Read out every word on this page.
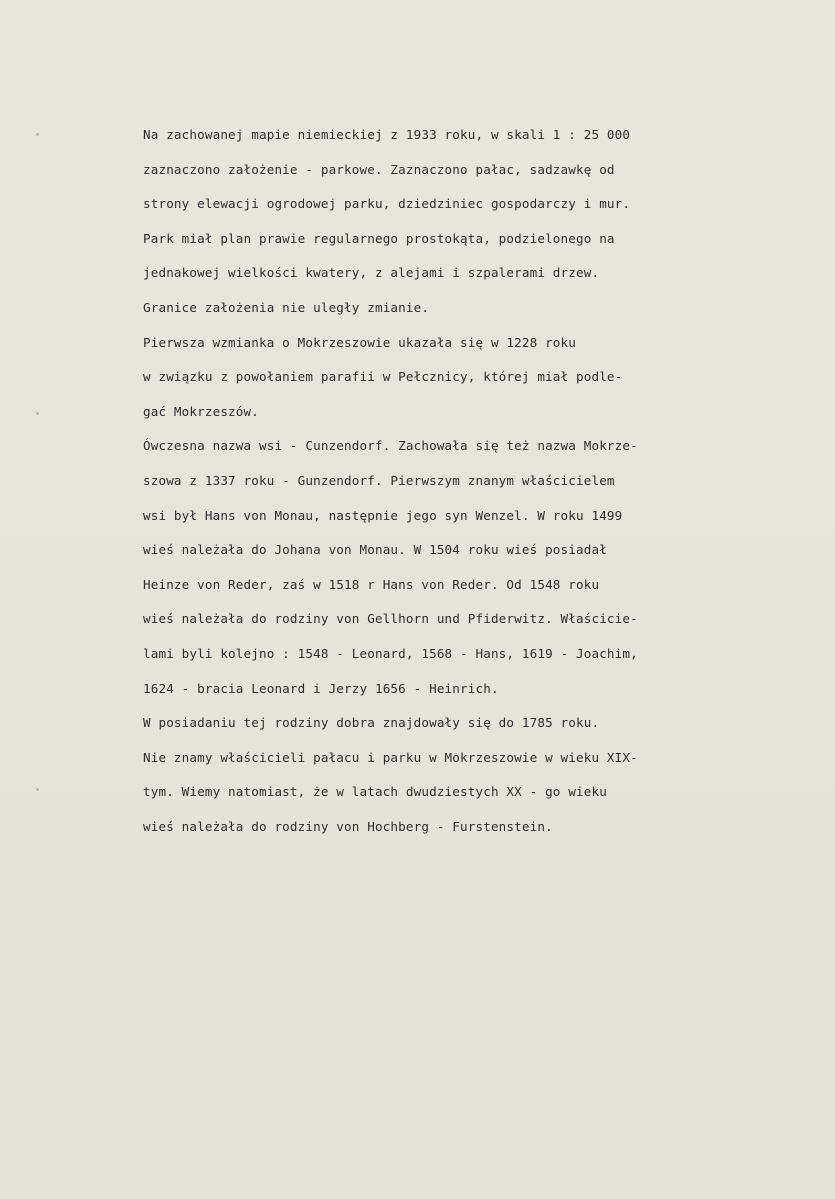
Na zachowanej mapie niemieckiej z 1933 roku, w skali 1 : 25 000
zaznaczono założenie - parkowe. Zaznaczono pałac, sadzawkę od
strony elewacji ogrodowej parku, dziedziniec gospodarczy i mur.
Park miał plan prawie regularnego prostokąta, podzielonego na
jednakowej wielkości kwatery, z alejami i szpalerami drzew.
Granice założenia nie uległy zmianie.
Pierwsza wzmianka o Mokrzeszowie ukazała się w 1228 roku
w związku z powołaniem parafii w Pełcznicy, której miał podle-
gać Mokrzeszów.
Ówczesna nazwa wsi - Cunzendorf. Zachowała się też nazwa Mokrze-
szowa z 1337 roku - Gunzendorf. Pierwszym znanym właścicielem
wsi był Hans von Monau, następnie jego syn Wenzel. W roku 1499
wieś należała do Johana von Monau. W 1504 roku wieś posiadał
Heinze von Reder, zaś w 1518 r Hans von Reder. Od 1548 roku
wieś należała do rodziny von Gellhorn und Pfiderwitz. Właściciе-
lami byli kolejno : 1548 - Leonard, 1568 - Hans, 1619 - Joachim,
1624 - bracia Leonard i Jerzy 1656 - Heinrich.
W posiadaniu tej rodziny dobra znajdowały się do 1785 roku.
Nie znamy właścicieli pałacu i parku w Mokrzeszowie w wieku XIX-
tym. Wiemy natomiast, że w latach dwudziestych XX - go wieku
wieś należała do rodziny von Hochberg - Furstenstein.
